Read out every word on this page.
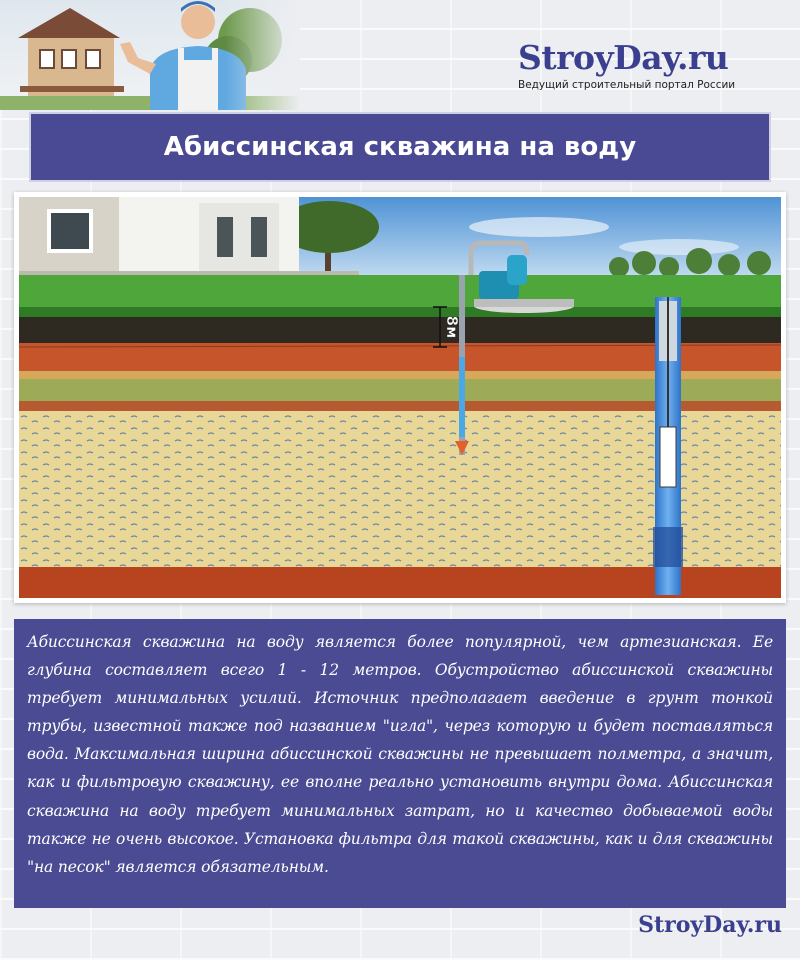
StroyDay.ru
Ведущий строительный портал России
Абиссинская скважина на воду
8м

Абиссинская скважина на воду является более популярной, чем артезианская. Ее глубина составляет всего 1 - 12 метров. Обустройство абиссинской скважины требует минимальных усилий. Источник предполагает введение в грунт тонкой трубы, известной также под названием "игла", через которую и будет поставляться вода. Максимальная ширина абиссинской скважины не превышает полметра, а значит, как и фильтровую скважину, ее вполне реально установить внутри дома. Абиссинская скважина на воду требует минимальных затрат, но и качество добываемой воды также не очень высокое. Установка фильтра для такой скважины, как и для скважины "на песок" является обязательным.

StroyDay.ru
